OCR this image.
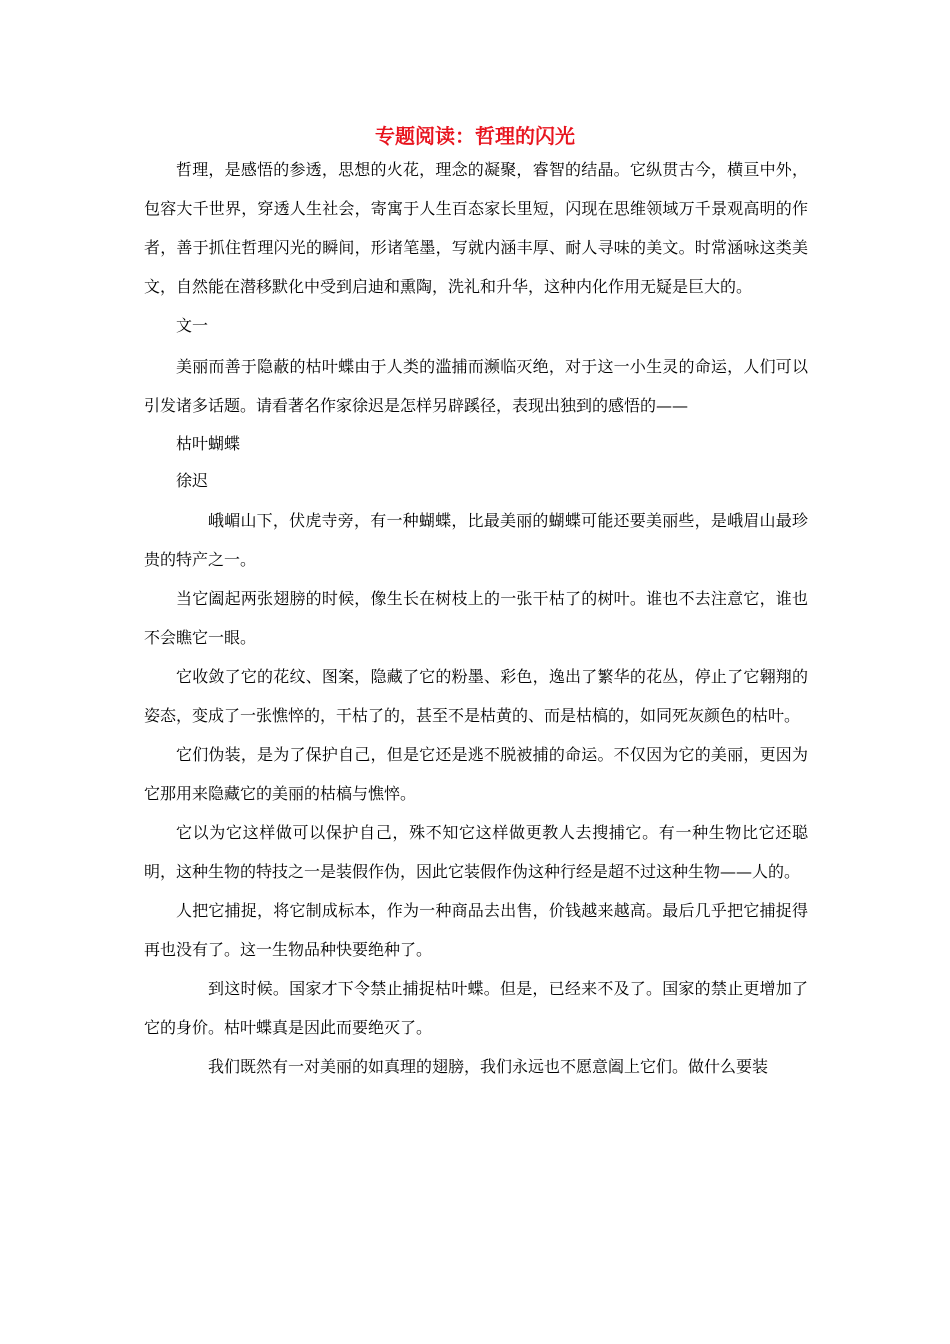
专题阅读：哲理的闪光

哲理，是感悟的参透，思想的火花，理念的凝聚，睿智的结晶。它纵贯古今，横亘中外，包容大千世界，穿透人生社会，寄寓于人生百态家长里短，闪现在思维领域万千景观高明的作者，善于抓住哲理闪光的瞬间，形诸笔墨，写就内涵丰厚、耐人寻味的美文。时常涵咏这类美文，自然能在潜移默化中受到启迪和熏陶，洗礼和升华，这种内化作用无疑是巨大的。

文一

美丽而善于隐蔽的枯叶蝶由于人类的滥捕而濒临灭绝，对于这一小生灵的命运，人们可以引发诸多话题。请看著名作家徐迟是怎样另辟蹊径，表现出独到的感悟的——

枯叶蝴蝶

徐迟

峨嵋山下，伏虎寺旁，有一种蝴蝶，比最美丽的蝴蝶可能还要美丽些，是峨眉山最珍贵的特产之一。

当它阖起两张翅膀的时候，像生长在树枝上的一张干枯了的树叶。谁也不去注意它，谁也不会瞧它一眼。

它收敛了它的花纹、图案，隐藏了它的粉墨、彩色，逸出了繁华的花丛，停止了它翱翔的姿态，变成了一张憔悴的，干枯了的，甚至不是枯黄的、而是枯槁的，如同死灰颜色的枯叶。

它们伪装，是为了保护自己，但是它还是逃不脱被捕的命运。不仅因为它的美丽，更因为它那用来隐藏它的美丽的枯槁与憔悴。

它以为它这样做可以保护自己，殊不知它这样做更教人去搜捕它。有一种生物比它还聪明，这种生物的特技之一是装假作伪，因此它装假作伪这种行经是超不过这种生物——人的。

人把它捕捉，将它制成标本，作为一种商品去出售，价钱越来越高。最后几乎把它捕捉得再也没有了。这一生物品种快要绝种了。

到这时候。国家才下令禁止捕捉枯叶蝶。但是，已经来不及了。国家的禁止更增加了它的身价。枯叶蝶真是因此而要绝灭了。

我们既然有一对美丽的如真理的翅膀，我们永远也不愿意阖上它们。做什么要装
